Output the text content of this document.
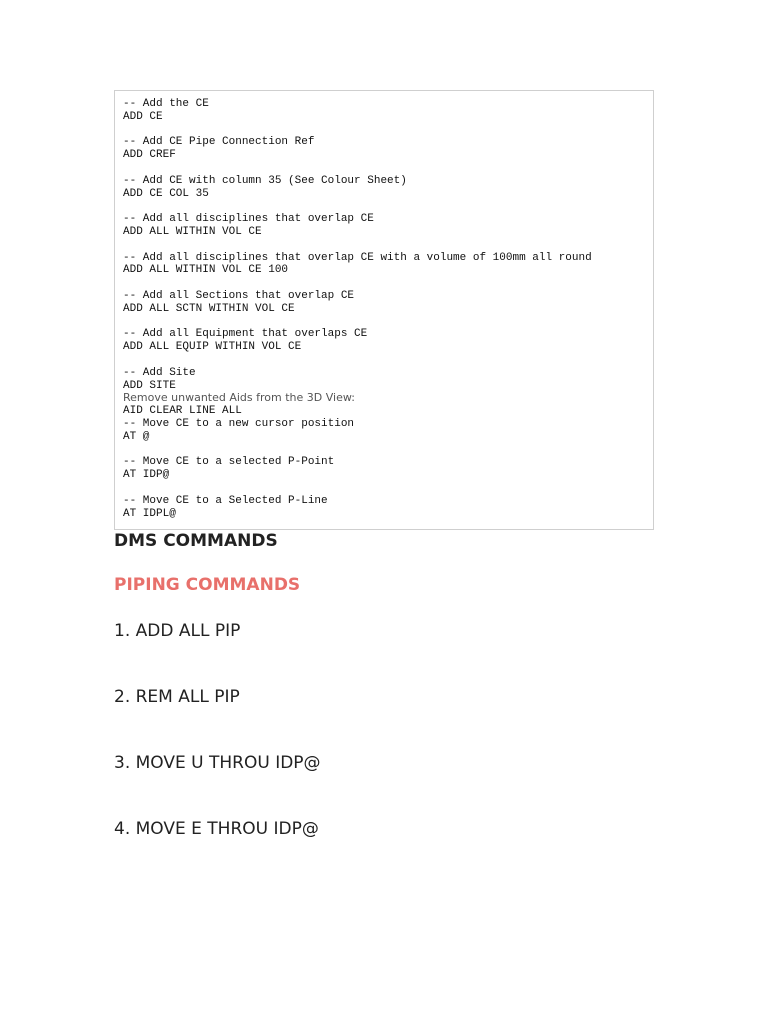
-- Add the CE
ADD CE
-- Add CE Pipe Connection Ref
ADD CREF
-- Add CE with column 35 (See Colour Sheet)
ADD CE COL 35
-- Add all disciplines that overlap CE
ADD ALL WITHIN VOL CE
-- Add all disciplines that overlap CE with a volume of 100mm all round
ADD ALL WITHIN VOL CE 100
-- Add all Sections that overlap CE
ADD ALL SCTN WITHIN VOL CE
-- Add all Equipment that overlaps CE
ADD ALL EQUIP WITHIN VOL CE
-- Add Site
ADD SITE
Remove unwanted Aids from the 3D View:
AID CLEAR LINE ALL
-- Move CE to a new cursor position
AT @
-- Move CE to a selected P-Point
AT IDP@
-- Move CE to a Selected P-Line
AT IDPL@
DMS COMMANDS
PIPING COMMANDS
1. ADD ALL PIP
2. REM ALL PIP
3. MOVE U THROU IDP@
4. MOVE E THROU IDP@
